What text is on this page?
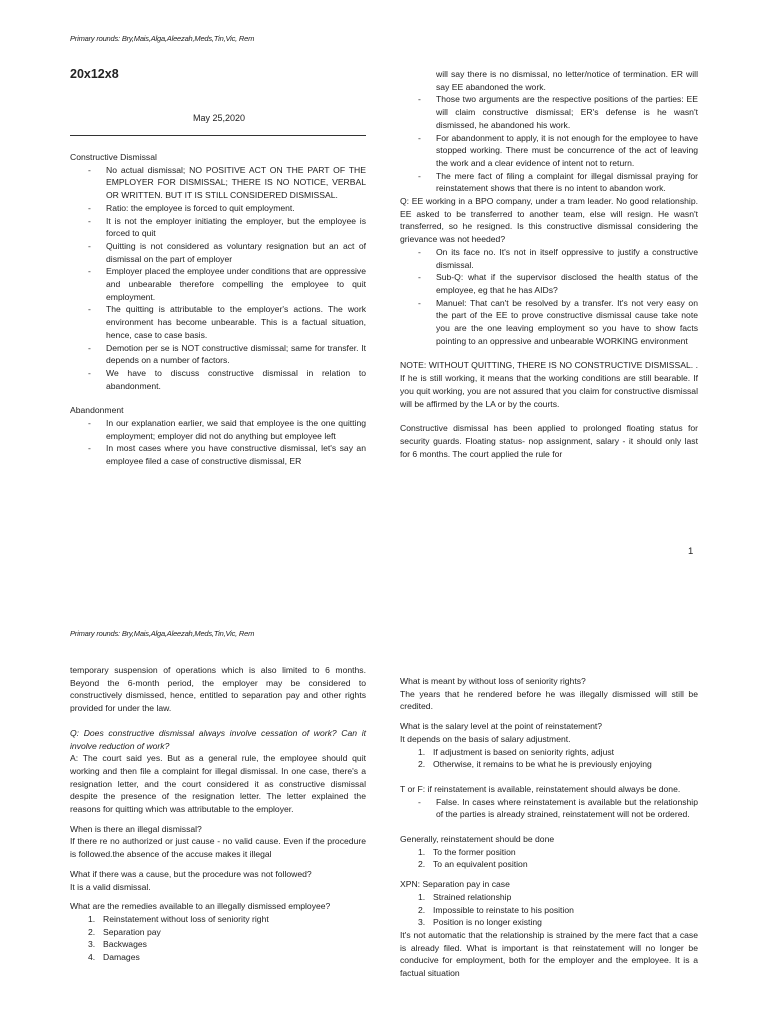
Primary rounds: Bry,Mais,Alga,Aleezah,Meds,Tin,Vic, Rem
20x12x8
May 25,2020

Constructive Dismissal

- No actual dismissal; NO POSITIVE ACT ON THE PART OF THE EMPLOYER FOR DISMISSAL; THERE IS NO NOTICE, VERBAL OR WRITTEN. BUT IT IS STILL CONSIDERED DISMISSAL.
- Ratio: the employee is forced to quit employment.
- It is not the employer initiating the employer, but the employee is forced to quit
- Quitting is not considered as voluntary resignation but an act of dismissal on the part of employer
- Employer placed the employee under conditions that are oppressive and unbearable therefore compelling the employee to quit employment.
- The quitting is attributable to the employer's actions. The work environment has become unbearable. This is a factual situation, hence, case to case basis.
- Demotion per se is NOT constructive dismissal; same for transfer. It depends on a number of factors.
- We have to discuss constructive dismissal in relation to abandonment.

Abandonment

- In our explanation earlier, we said that employee is the one quitting employment; employer did not do anything but employee left
- In most cases where you have constructive dismissal, let's say an employee filed a case of constructive dismissal, ER
will say there is no dismissal, no letter/notice of termination. ER will say EE abandoned the work.
- Those two arguments are the respective positions of the parties: EE will claim constructive dismissal; ER's defense is he wasn't dismissed, he abandoned his work.
- For abandonment to apply, it is not enough for the employee to have stopped working. There must be concurrence of the act of leaving the work and a clear evidence of intent not to return.
- The mere fact of filing a complaint for illegal dismissal praying for reinstatement shows that there is no intent to abandon work.

Q: EE working in a BPO company, under a tram leader. No good relationship. EE asked to be transferred to another team, else will resign. He wasn't transferred, so he resigned. Is this constructive dismissal considering the grievance was not heeded?

- On its face no. It's not in itself oppressive to justify a constructive dismissal.
- Sub-Q: what if the supervisor disclosed the health status of the employee, eg that he has AIDs?
- Manuel: That can't be resolved by a transfer. It's not very easy on the part of the EE to prove constructive dismissal cause take note you are the one leaving employment so you have to show facts pointing to an oppressive and unbearable WORKING environment

NOTE: WITHOUT QUITTING, THERE IS NO CONSTRUCTIVE DISMISSAL. . If he is still working, it means that the working conditions are still bearable. If you quit working, you are not assured that you claim for constructive dismissal will be affirmed by the LA or by the courts.

Constructive dismissal has been applied to prolonged floating status for security guards. Floating status- nop assignment, salary - it should only last for 6 months. The court applied the rule for

1
Primary rounds: Bry,Mais,Alga,Aleezah,Meds,Tin,Vic, Rem

temporary suspension of operations which is also limited to 6 months. Beyond the 6-month period, the employer may be considered to constructively dismissed, hence, entitled to separation pay and other rights provided for under the law.

Q: Does constructive dismissal always involve cessation of work? Can it involve reduction of work?

A: The court said yes. But as a general rule, the employee should quit working and then file a complaint for illegal dismissal. In one case, there's a resignation letter, and the court considered it as constructive dismissal despite the presence of the resignation letter. The letter explained the reasons for quitting which was attributable to the employer.

When is there an illegal dismissal?

If there re no authorized or just cause - no valid cause. Even if the procedure is followed.the absence of the accuse makes it illegal

What if there was a cause, but the procedure was not followed?

It is a valid dismissal.

What are the remedies available to an illegally dismissed employee?

1. Reinstatement without loss of seniority right
2. Separation pay
3. Backwages
4. Damages

What is meant by without loss of seniority rights?

The years that he rendered before he was illegally dismissed will still be credited.

What is the salary level at the point of reinstatement?

It depends on the basis of salary adjustment.

1. If adjustment is based on seniority rights, adjust
2. Otherwise, it remains to be what he is previously enjoying

T or F: if reinstatement is available, reinstatement should always be done.

- False. In cases where reinstatement is available but the relationship of the parties is already strained, reinstatement will not be ordered.

Generally, reinstatement should be done

1. To the former position
2. To an equivalent position

XPN: Separation pay in case

1. Strained relationship
2. Impossible to reinstate to his position
3. Position is no longer existing

It's not automatic that the relationship is strained by the mere fact that a case is already filed. What is important is that reinstatement will no longer be conducive for employment, both for the employer and the employee. It is a factual situation
